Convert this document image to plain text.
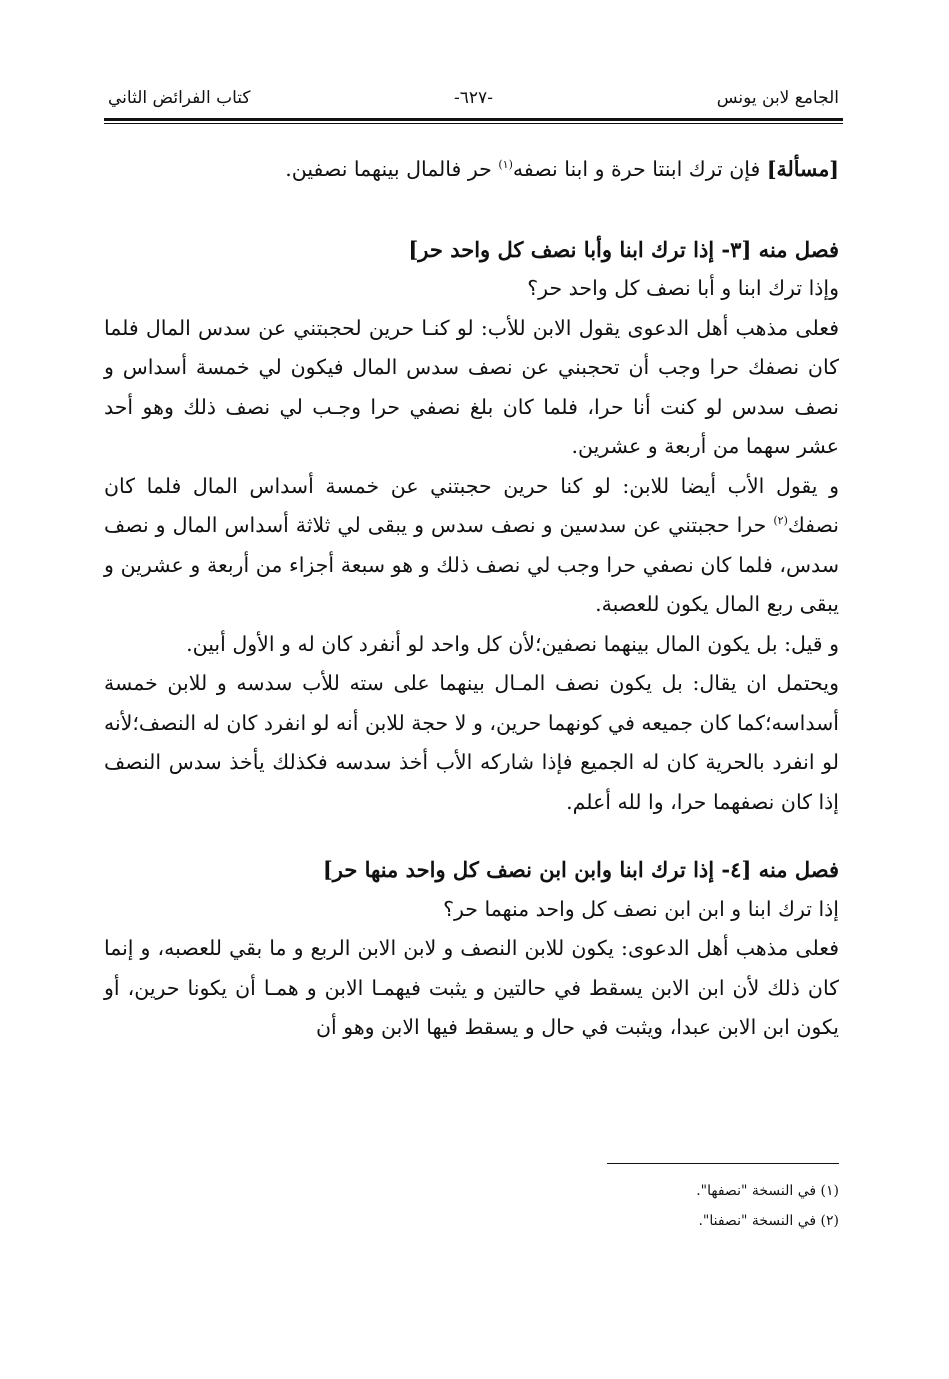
الجامع لابن يونس
-٦٢٧-
كتاب الفرائض الثاني

[مسألة] فإن ترك ابنتا حرة و ابنا نصفه$^{(١)}$ حر فالمال بينهما نصفين.

فصل منه [٣- إذا ترك ابنا وأبا نصف كل واحد حر]

وإذا ترك ابنا و أبا نصف كل واحد حر؟

فعلى مذهب أهل الدعوى يقول الابن للأب: لو كنـا حرين لحجبتني عن سدس المال فلما كان نصفك حرا وجب أن تحجبني عن نصف سدس المال فيكون لي خمسة أسداس و نصف سدس لو كنت أنا حرا، فلما كان بلغ نصفي حرا وجـب لي نصف ذلك وهو أحد عشر سهما من أربعة و عشرين.

و يقول الأب أيضا للابن: لو كنا حرين حجبتني عن خمسة أسداس المال فلما كان نصفك$^{(٢)}$ حرا حجبتني عن سدسين و نصف سدس و يبقى لي ثلاثة أسداس المال و نصف سدس، فلما كان نصفي حرا وجب لي نصف ذلك و هو سبعة أجزاء من أربعة و عشرين و يبقى ربع المال يكون للعصبة.

و قيل: بل يكون المال بينهما نصفين؛لأن كل واحد لو أنفرد كان له و الأول أبين.

ويحتمل ان يقال: بل يكون نصف المـال بينهما على سته للأب سدسه و للابن خمسة أسداسه؛كما كان جميعه في كونهما حرين، و لا حجة للابن أنه لو انفرد كان له النصف؛لأنه لو انفرد بالحرية كان له الجميع فإذا شاركه الأب أخذ سدسه فكذلك يأخذ سدس النصف إذا كان نصفهما حرا، وا لله أعلم.

فصل منه [٤- إذا ترك ابنا وابن ابن نصف كل واحد منها حر]

إذا ترك ابنا و ابن ابن نصف كل واحد منهما حر؟

فعلى مذهب أهل الدعوى: يكون للابن النصف و لابن الابن الربع و ما بقي للعصبه، و إنما كان ذلك لأن ابن الابن يسقط في حالتين و يثبت فيهمـا الابن و همـا أن يكونا حرين، أو يكون ابن الابن عبدا، ويثبت في حال و يسقط فيها الابن وهو أن

(١) في النسخة "نصفها".
(٢) في النسخة "نصفنا".
